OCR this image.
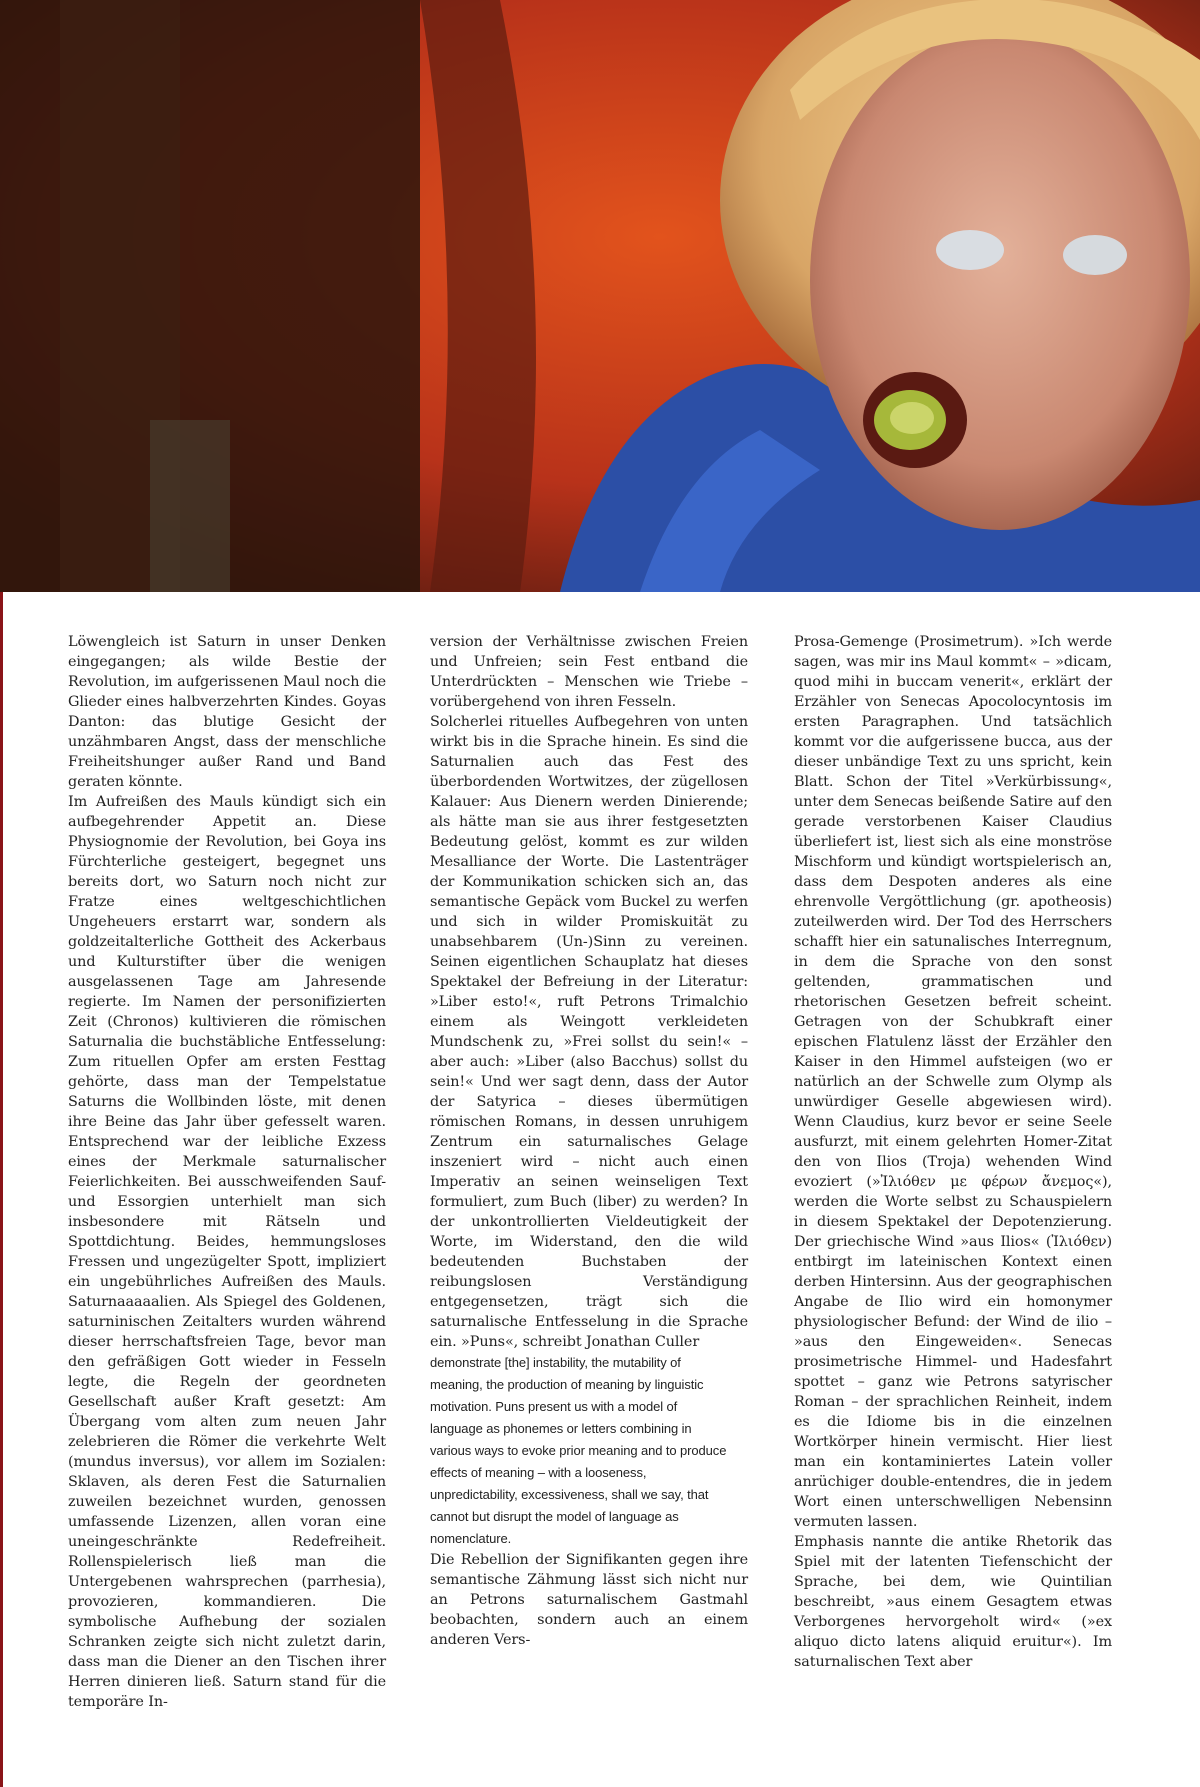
Löwengleich ist Saturn in unser Denken eingegangen; als wilde Bestie der Revolution, im aufgerissenen Maul noch die Glieder eines halbverzehrten Kindes. Goyas Danton: das blutige Gesicht der unzähmbaren Angst, dass der menschliche Freiheitshunger außer Rand und Band geraten könnte.

Im Aufreißen des Mauls kündigt sich ein aufbegehrender Appetit an. Diese Physiognomie der Revolution, bei Goya ins Fürchterliche gesteigert, begegnet uns bereits dort, wo Saturn noch nicht zur Fratze eines weltgeschichtlichen Ungeheuers erstarrt war, sondern als goldzeitalterliche Gottheit des Ackerbaus und Kulturstifter über die wenigen ausgelassenen Tage am Jahresende regierte. Im Namen der personifizierten Zeit (Chronos) kultivieren die römischen Saturnalia die buchstäbliche Entfesselung: Zum rituellen Opfer am ersten Festtag gehörte, dass man der Tempelstatue Saturns die Wollbinden löste, mit denen ihre Beine das Jahr über gefesselt waren. Entsprechend war der leibliche Exzess eines der Merkmale saturnalischer Feierlichkeiten. Bei ausschweifenden Sauf- und Essorgien unterhielt man sich insbesondere mit Rätseln und Spottdichtung. Beides, hemmungsloses Fressen und ungezügelter Spott, impliziert ein ungebührliches Aufreißen des Mauls. Saturnaaaaalien. Als Spiegel des Goldenen, saturninischen Zeitalters wurden während dieser herrschaftsfreien Tage, bevor man den gefräßigen Gott wieder in Fesseln legte, die Regeln der geordneten Gesellschaft außer Kraft gesetzt: Am Übergang vom alten zum neuen Jahr zelebrieren die Römer die verkehrte Welt (mundus inversus), vor allem im Sozialen: Sklaven, als deren Fest die Saturnalien zuweilen bezeichnet wurden, genossen umfassende Lizenzen, allen voran eine uneingeschränkte Redefreiheit. Rollenspielerisch ließ man die Untergebenen wahrsprechen (parrhesia), provozieren, kommandieren. Die symbolische Aufhebung der sozialen Schranken zeigte sich nicht zuletzt darin, dass man die Diener an den Tischen ihrer Herren dinieren ließ. Saturn stand für die temporäre In-

version der Verhältnisse zwischen Freien und Unfreien; sein Fest entband die Unterdrückten – Menschen wie Triebe – vorübergehend von ihren Fesseln.

Solcherlei rituelles Aufbegehren von unten wirkt bis in die Sprache hinein. Es sind die Saturnalien auch das Fest des überbordenden Wortwitzes, der zügellosen Kalauer: Aus Dienern werden Dinierende; als hätte man sie aus ihrer festgesetzten Bedeutung gelöst, kommt es zur wilden Mesalliance der Worte. Die Lastenträger der Kommunikation schicken sich an, das semantische Gepäck vom Buckel zu werfen und sich in wilder Promiskuität zu unabsehbarem (Un-)Sinn zu vereinen. Seinen eigentlichen Schauplatz hat dieses Spektakel der Befreiung in der Literatur: »Liber esto!«, ruft Petrons Trimalchio einem als Weingott verkleideten Mundschenk zu, »Frei sollst du sein!« – aber auch: »Liber (also Bacchus) sollst du sein!« Und wer sagt denn, dass der Autor der Satyrica – dieses übermütigen römischen Romans, in dessen unruhigem Zentrum ein saturnalisches Gelage inszeniert wird – nicht auch einen Imperativ an seinen weinseligen Text formuliert, zum Buch (liber) zu werden? In der unkontrollierten Vieldeutigkeit der Worte, im Widerstand, den die wild bedeutenden Buchstaben der reibungslosen Verständigung entgegensetzen, trägt sich die saturnalische Entfesselung in die Sprache ein. »Puns«, schreibt Jonathan Culler

demonstrate [the] instability, the mutability of meaning, the production of meaning by linguistic motivation. Puns present us with a model of language as phonemes or letters combining in various ways to evoke prior meaning and to produce effects of meaning – with a looseness, unpredictability, excessiveness, shall we say, that cannot but disrupt the model of language as nomenclature.

Die Rebellion der Signifikanten gegen ihre semantische Zähmung lässt sich nicht nur an Petrons saturnalischem Gastmahl beobachten, sondern auch an einem anderen Vers-

Prosa-Gemenge (Prosimetrum). »Ich werde sagen, was mir ins Maul kommt« – »dicam, quod mihi in buccam venerit«, erklärt der Erzähler von Senecas Apocolocyntosis im ersten Paragraphen. Und tatsächlich kommt vor die aufgerissene bucca, aus der dieser unbändige Text zu uns spricht, kein Blatt. Schon der Titel »Verkürbissung«, unter dem Senecas beißende Satire auf den gerade verstorbenen Kaiser Claudius überliefert ist, liest sich als eine monströse Mischform und kündigt wortspielerisch an, dass dem Despoten anderes als eine ehrenvolle Vergöttlichung (gr. apotheosis) zuteilwerden wird. Der Tod des Herrschers schafft hier ein satunalisches Interregnum, in dem die Sprache von den sonst geltenden, grammatischen und rhetorischen Gesetzen befreit scheint. Getragen von der Schubkraft einer epischen Flatulenz lässt der Erzähler den Kaiser in den Himmel aufsteigen (wo er natürlich an der Schwelle zum Olymp als unwürdiger Geselle abgewiesen wird). Wenn Claudius, kurz bevor er seine Seele ausfurzt, mit einem gelehrten Homer-Zitat den von Ilios (Troja) wehenden Wind evoziert (»Ἰλιόθεν με φέρων ἄνεμος«), werden die Worte selbst zu Schauspielern in diesem Spektakel der Depotenzierung. Der griechische Wind »aus Ilios« (Ἰλιόθεν) entbirgt im lateinischen Kontext einen derben Hintersinn. Aus der geographischen Angabe de Ilio wird ein homonymer physiologischer Befund: der Wind de ilio – »aus den Eingeweiden«. Senecas prosimetrische Himmel- und Hadesfahrt spottet – ganz wie Petrons satyrischer Roman – der sprachlichen Reinheit, indem es die Idiome bis in die einzelnen Wortkörper hinein vermischt. Hier liest man ein kontaminiertes Latein voller anrüchiger double-entendres, die in jedem Wort einen unterschwelligen Nebensinn vermuten lassen.

Emphasis nannte die antike Rhetorik das Spiel mit der latenten Tiefenschicht der Sprache, bei dem, wie Quintilian beschreibt, »aus einem Gesagtem etwas Verborgenes hervorgeholt wird« (»ex aliquo dicto latens aliquid eruitur«). Im saturnalischen Text aber
